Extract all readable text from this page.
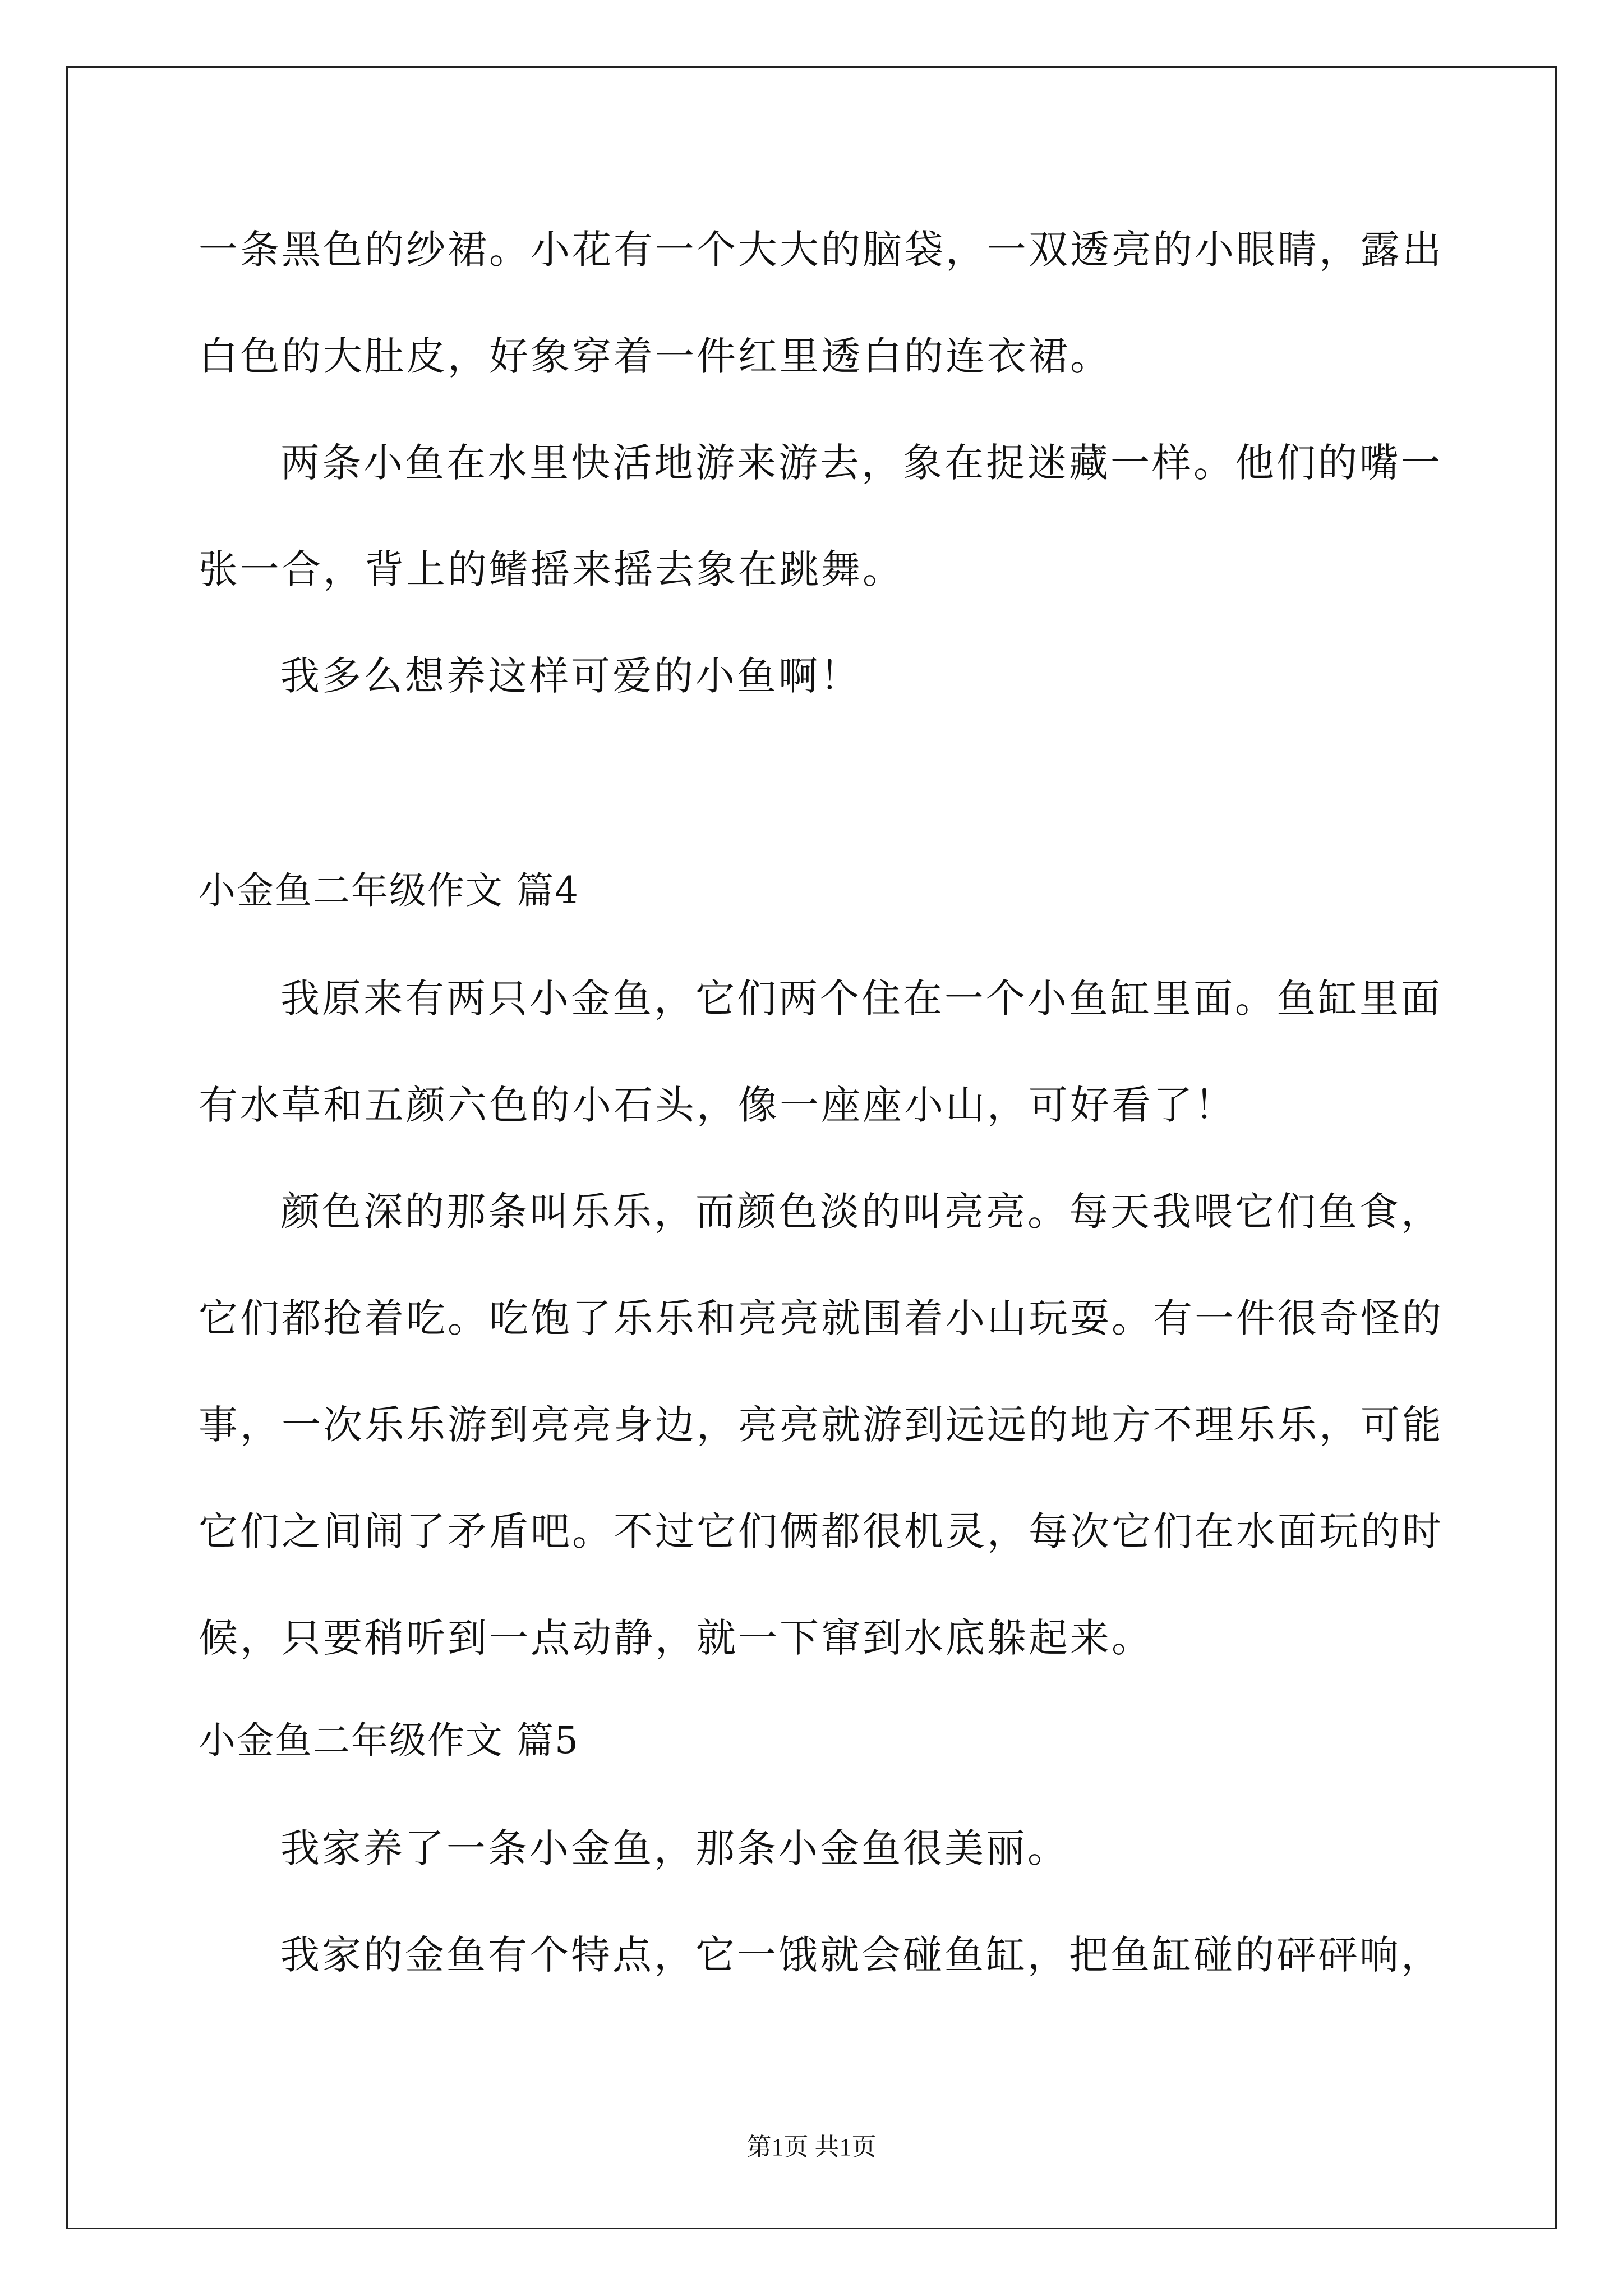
一条黑色的纱裙。小花有一个大大的脑袋，一双透亮的小眼睛，露出
白色的大肚皮，好象穿着一件红里透白的连衣裙。
两条小鱼在水里快活地游来游去，象在捉迷藏一样。他们的嘴一
张一合，背上的鳍摇来摇去象在跳舞。
我多么想养这样可爱的小鱼啊！
小金鱼二年级作文 篇4
我原来有两只小金鱼，它们两个住在一个小鱼缸里面。鱼缸里面
有水草和五颜六色的小石头，像一座座小山，可好看了！
颜色深的那条叫乐乐，而颜色淡的叫亮亮。每天我喂它们鱼食，
它们都抢着吃。吃饱了乐乐和亮亮就围着小山玩耍。有一件很奇怪的
事，一次乐乐游到亮亮身边，亮亮就游到远远的地方不理乐乐，可能
它们之间闹了矛盾吧。不过它们俩都很机灵，每次它们在水面玩的时
候，只要稍听到一点动静，就一下窜到水底躲起来。
小金鱼二年级作文 篇5
我家养了一条小金鱼，那条小金鱼很美丽。
我家的金鱼有个特点，它一饿就会碰鱼缸，把鱼缸碰的砰砰响，
第1页 共1页
